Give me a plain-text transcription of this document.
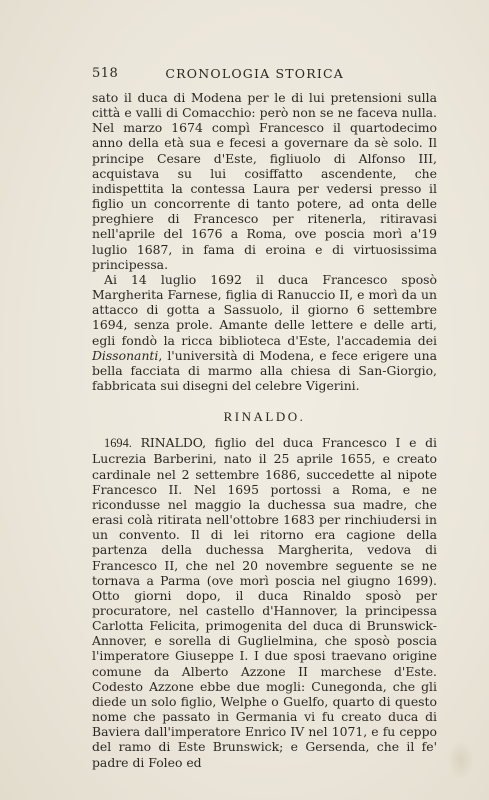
518	CRONOLOGIA STORICA

sato il duca di Modena per le di lui pretensioni sulla città e valli di Comacchio: però non se ne faceva nulla. Nel marzo 1674 compì Francesco il quartodecimo anno della età sua e fecesi a governare da sè solo. Il principe Cesare d'Este, figliuolo di Alfonso III, acquistava su lui cosiffatto ascendente, che indispettita la contessa Laura per vedersi presso il figlio un concorrente di tanto potere, ad onta delle preghiere di Francesco per ritenerla, ritiravasi nell'aprile del 1676 a Roma, ove poscia morì a'19 luglio 1687, in fama di eroina e di virtuosissima principessa.

Ai 14 luglio 1692 il duca Francesco sposò Margherita Farnese, figlia di Ranuccio II, e morì da un attacco di gotta a Sassuolo, il giorno 6 settembre 1694, senza prole. Amante delle lettere e delle arti, egli fondò la ricca biblioteca d'Este, l'accademia dei Dissonanti, l'università di Modena, e fece erigere una bella facciata di marmo alla chiesa di San-Giorgio, fabbricata sui disegni del celebre Vigerini.

RINALDO.

1694. RINALDO, figlio del duca Francesco I e di Lucrezia Barberini, nato il 25 aprile 1655, e creato cardinale nel 2 settembre 1686, succedette al nipote Francesco II. Nel 1695 portossi a Roma, e ne ricondusse nel maggio la duchessa sua madre, che erasi colà ritirata nell'ottobre 1683 per rinchiudersi in un convento. Il di lei ritorno era cagione della partenza della duchessa Margherita, vedova di Francesco II, che nel 20 novembre seguente se ne tornava a Parma (ove morì poscia nel giugno 1699). Otto giorni dopo, il duca Rinaldo sposò per procuratore, nel castello d'Hannover, la principessa Carlotta Felicita, primogenita del duca di Brunswick-Annover, e sorella di Guglielmina, che sposò poscia l'imperatore Giuseppe I. I due sposi traevano origine comune da Alberto Azzone II marchese d'Este. Codesto Azzone ebbe due mogli: Cunegonda, che gli diede un solo figlio, Welphe o Guelfo, quarto di questo nome che passato in Germania vi fu creato duca di Baviera dall'imperatore Enrico IV nel 1071, e fu ceppo del ramo di Este Brunswick; e Gersenda, che il fe' padre di Foleo ed
